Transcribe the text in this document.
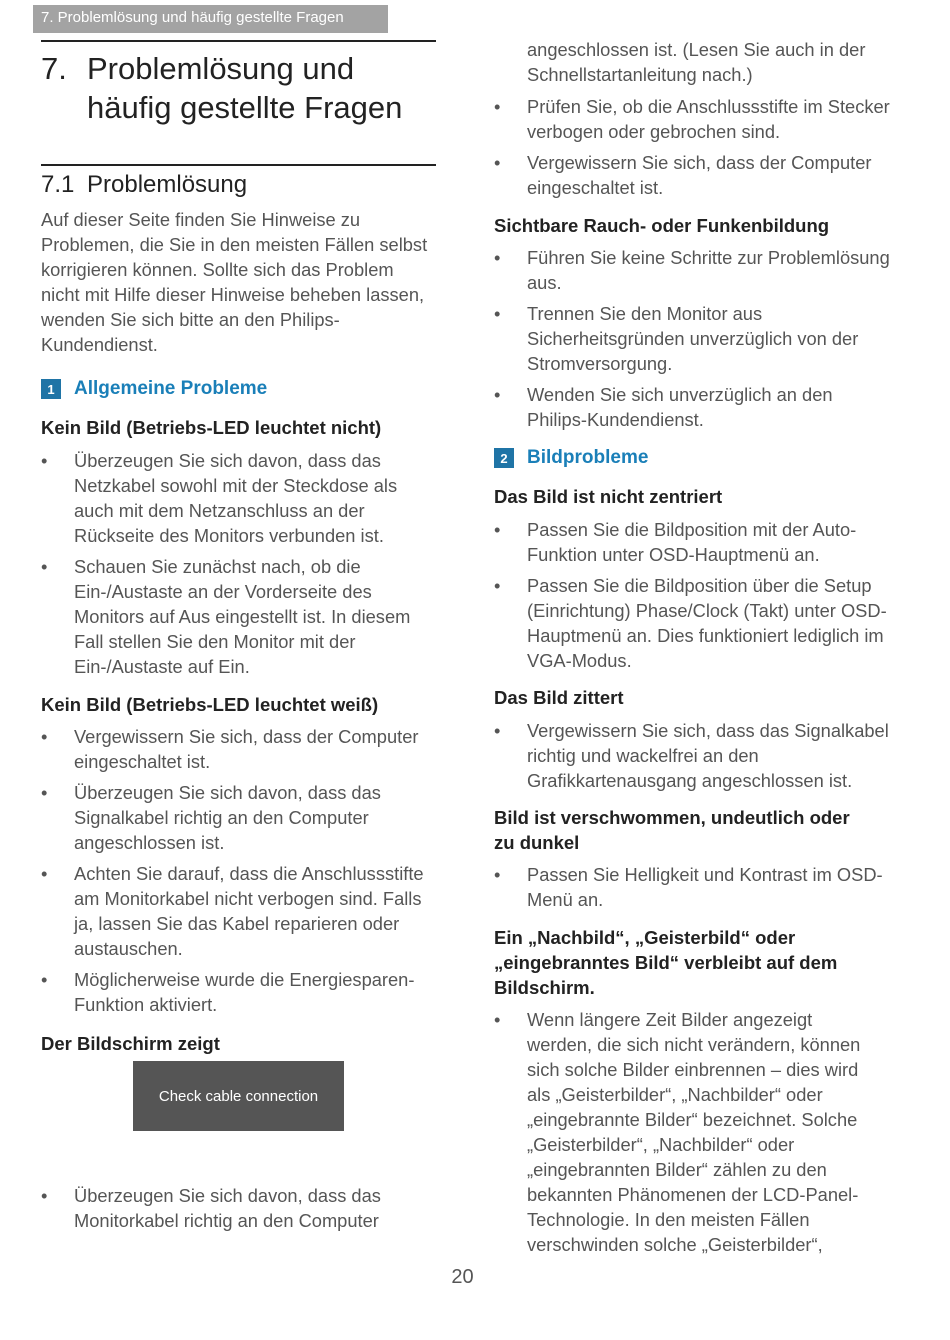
7. Problemlösung und häufig gestellte Fragen
7. Problemlösung und häufig gestellte Fragen
7.1 Problemlösung
Auf dieser Seite finden Sie Hinweise zu Problemen, die Sie in den meisten Fällen selbst korrigieren können. Sollte sich das Problem nicht mit Hilfe dieser Hinweise beheben lassen, wenden Sie sich bitte an den Philips-Kundendienst.
1	Allgemeine Probleme
Kein Bild (Betriebs-LED leuchtet nicht)
• Überzeugen Sie sich davon, dass das Netzkabel sowohl mit der Steckdose als auch mit dem Netzanschluss an der Rückseite des Monitors verbunden ist.
• Schauen Sie zunächst nach, ob die Ein-/Austaste an der Vorderseite des Monitors auf Aus eingestellt ist. In diesem Fall stellen Sie den Monitor mit der Ein-/Austaste auf Ein.
Kein Bild (Betriebs-LED leuchtet weiß)
• Vergewissern Sie sich, dass der Computer eingeschaltet ist.
• Überzeugen Sie sich davon, dass das Signalkabel richtig an den Computer angeschlossen ist.
• Achten Sie darauf, dass die Anschlussstifte am Monitorkabel nicht verbogen sind. Falls ja, lassen Sie das Kabel reparieren oder austauschen.
• Möglicherweise wurde die Energiesparen-Funktion aktiviert.
Der Bildschirm zeigt
Check cable connection
• Überzeugen Sie sich davon, dass das Monitorkabel richtig an den Computer
angeschlossen ist. (Lesen Sie auch in der Schnellstartanleitung nach.)
• Prüfen Sie, ob die Anschlussstifte im Stecker verbogen oder gebrochen sind.
• Vergewissern Sie sich, dass der Computer eingeschaltet ist.
Sichtbare Rauch- oder Funkenbildung
• Führen Sie keine Schritte zur Problemlösung aus.
• Trennen Sie den Monitor aus Sicherheitsgründen unverzüglich von der Stromversorgung.
• Wenden Sie sich unverzüglich an den Philips-Kundendienst.
2	Bildprobleme
Das Bild ist nicht zentriert
• Passen Sie die Bildposition mit der Auto-Funktion unter OSD-Hauptmenü an.
• Passen Sie die Bildposition über die Setup (Einrichtung) Phase/Clock (Takt) unter OSD-Hauptmenü an. Dies funktioniert lediglich im VGA-Modus.
Das Bild zittert
• Vergewissern Sie sich, dass das Signalkabel richtig und wackelfrei an den Grafikkartenausgang angeschlossen ist.
Bild ist verschwommen, undeutlich oder zu dunkel
• Passen Sie Helligkeit und Kontrast im OSD-Menü an.
Ein „Nachbild“, „Geisterbild“ oder „eingebranntes Bild“ verbleibt auf dem Bildschirm.
• Wenn längere Zeit Bilder angezeigt werden, die sich nicht verändern, können sich solche Bilder einbrennen – dies wird als „Geisterbilder“, „Nachbilder“ oder „eingebrannte Bilder“ bezeichnet. Solche „Geisterbilder“, „Nachbilder“ oder „eingebrannten Bilder“ zählen zu den bekannten Phänomenen der LCD-Panel-Technologie. In den meisten Fällen verschwinden solche „Geisterbilder“,
20
